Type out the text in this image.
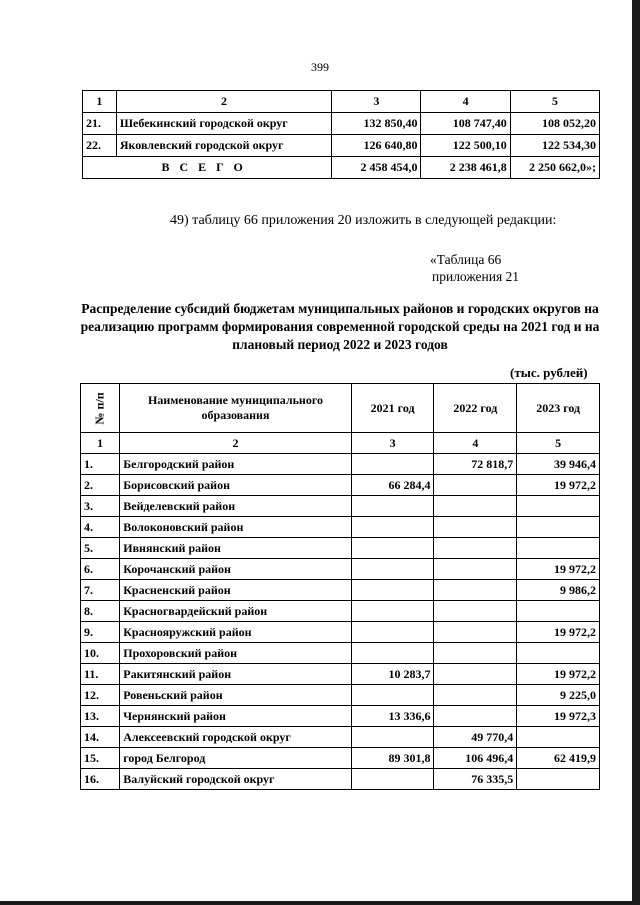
399
1	2	3	4	5
21.	Шебекинский городской округ	132 850,40	108 747,40	108 052,20
22.	Яковлевский городской округ	126 640,80	122 500,10	122 534,30
ВСЕГО		2 458 454,0	2 238 461,8	2 250 662,0»;
49) таблицу 66 приложения 20 изложить в следующей редакции:
«Таблица 66
приложения 21
Распределение субсидий бюджетам муниципальных районов и городских округов на реализацию программ формирования современной городской среды на 2021 год и на плановый период 2022 и 2023 годов
(тыс. рублей)
№ п/п	Наименование муниципального образования	2021 год	2022 год	2023 год
1	2	3	4	5
1.	Белгородский район		72 818,7	39 946,4
2.	Борисовский район	66 284,4		19 972,2
3.	Вейделевский район			
4.	Волоконовский район			
5.	Ивнянский район			
6.	Корочанский район			19 972,2
7.	Красненский район			9 986,2
8.	Красногвардейский район			
9.	Краснояружский район			19 972,2
10.	Прохоровский район			
11.	Ракитянский район	10 283,7		19 972,2
12.	Ровеньский район			9 225,0
13.	Чернянский район	13 336,6		19 972,3
14.	Алексеевский городской округ		49 770,4	
15.	город Белгород	89 301,8	106 496,4	62 419,9
16.	Валуйский городской округ		76 335,5	
